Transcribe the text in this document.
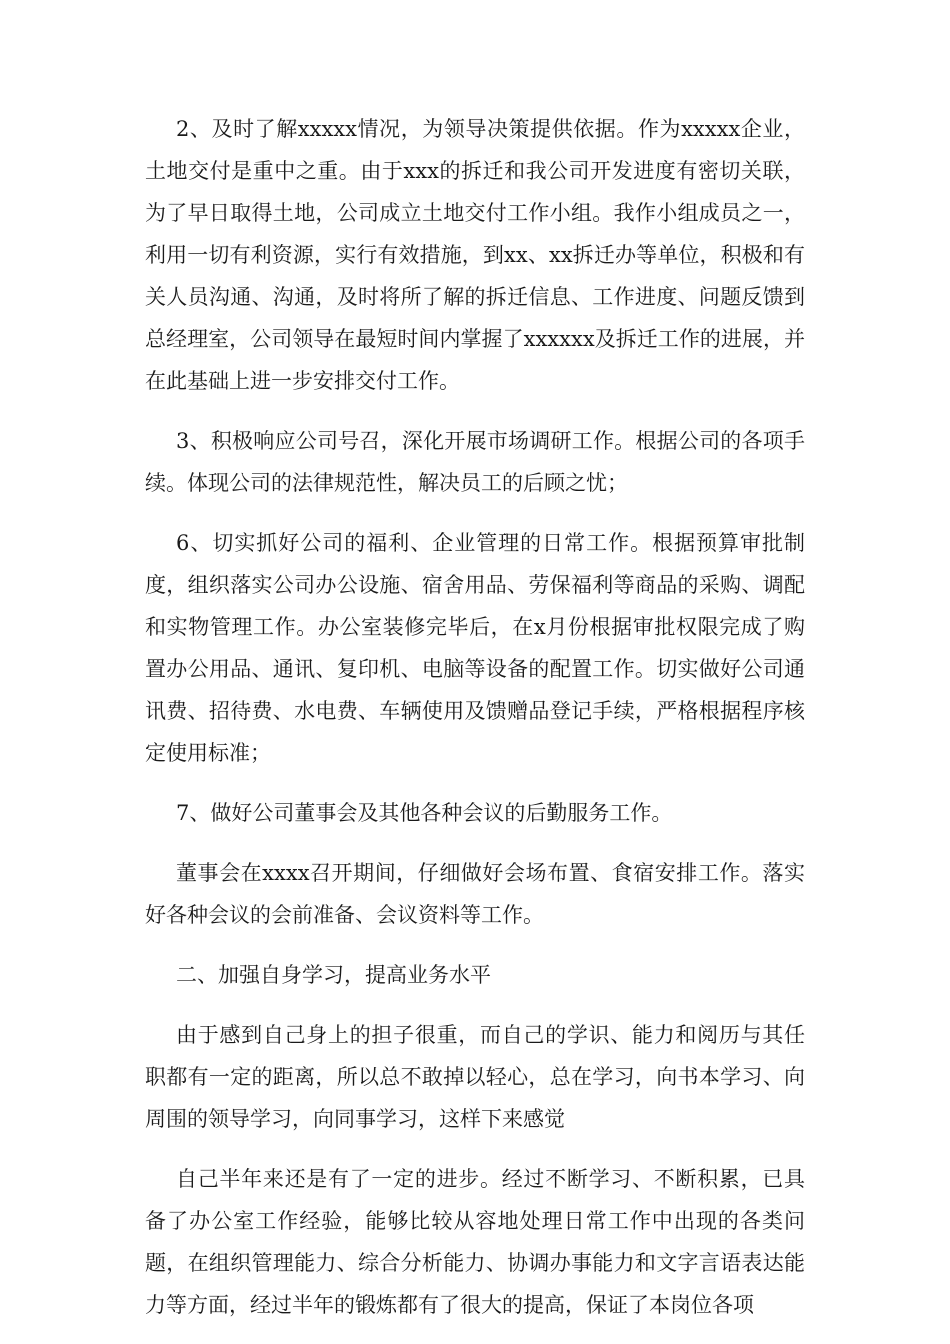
2、及时了解xxxxx情况，为领导决策提供依据。作为xxxxx企业，土地交付是重中之重。由于xxx的拆迁和我公司开发进度有密切关联，为了早日取得土地，公司成立土地交付工作小组。我作小组成员之一，利用一切有利资源，实行有效措施，到xx、xx拆迁办等单位，积极和有关人员沟通、沟通，及时将所了解的拆迁信息、工作进度、问题反馈到总经理室，公司领导在最短时间内掌握了xxxxxx及拆迁工作的进展，并在此基础上进一步安排交付工作。

3、积极响应公司号召，深化开展市场调研工作。根据公司的各项手续。体现公司的法律规范性，解决员工的后顾之忧；

6、切实抓好公司的福利、企业管理的日常工作。根据预算审批制度，组织落实公司办公设施、宿舍用品、劳保福利等商品的采购、调配和实物管理工作。办公室装修完毕后，在x月份根据审批权限完成了购置办公用品、通讯、复印机、电脑等设备的配置工作。切实做好公司通讯费、招待费、水电费、车辆使用及馈赠品登记手续，严格根据程序核定使用标准；

7、做好公司董事会及其他各种会议的后勤服务工作。

董事会在xxxx召开期间，仔细做好会场布置、食宿安排工作。落实好各种会议的会前准备、会议资料等工作。

二、加强自身学习，提高业务水平

由于感到自己身上的担子很重，而自己的学识、能力和阅历与其任职都有一定的距离，所以总不敢掉以轻心，总在学习，向书本学习、向周围的领导学习，向同事学习，这样下来感觉

自己半年来还是有了一定的进步。经过不断学习、不断积累，已具备了办公室工作经验，能够比较从容地处理日常工作中出现的各类问题，在组织管理能力、综合分析能力、协调办事能力和文字言语表达能力等方面，经过半年的锻炼都有了很大的提高，保证了本岗位各项
